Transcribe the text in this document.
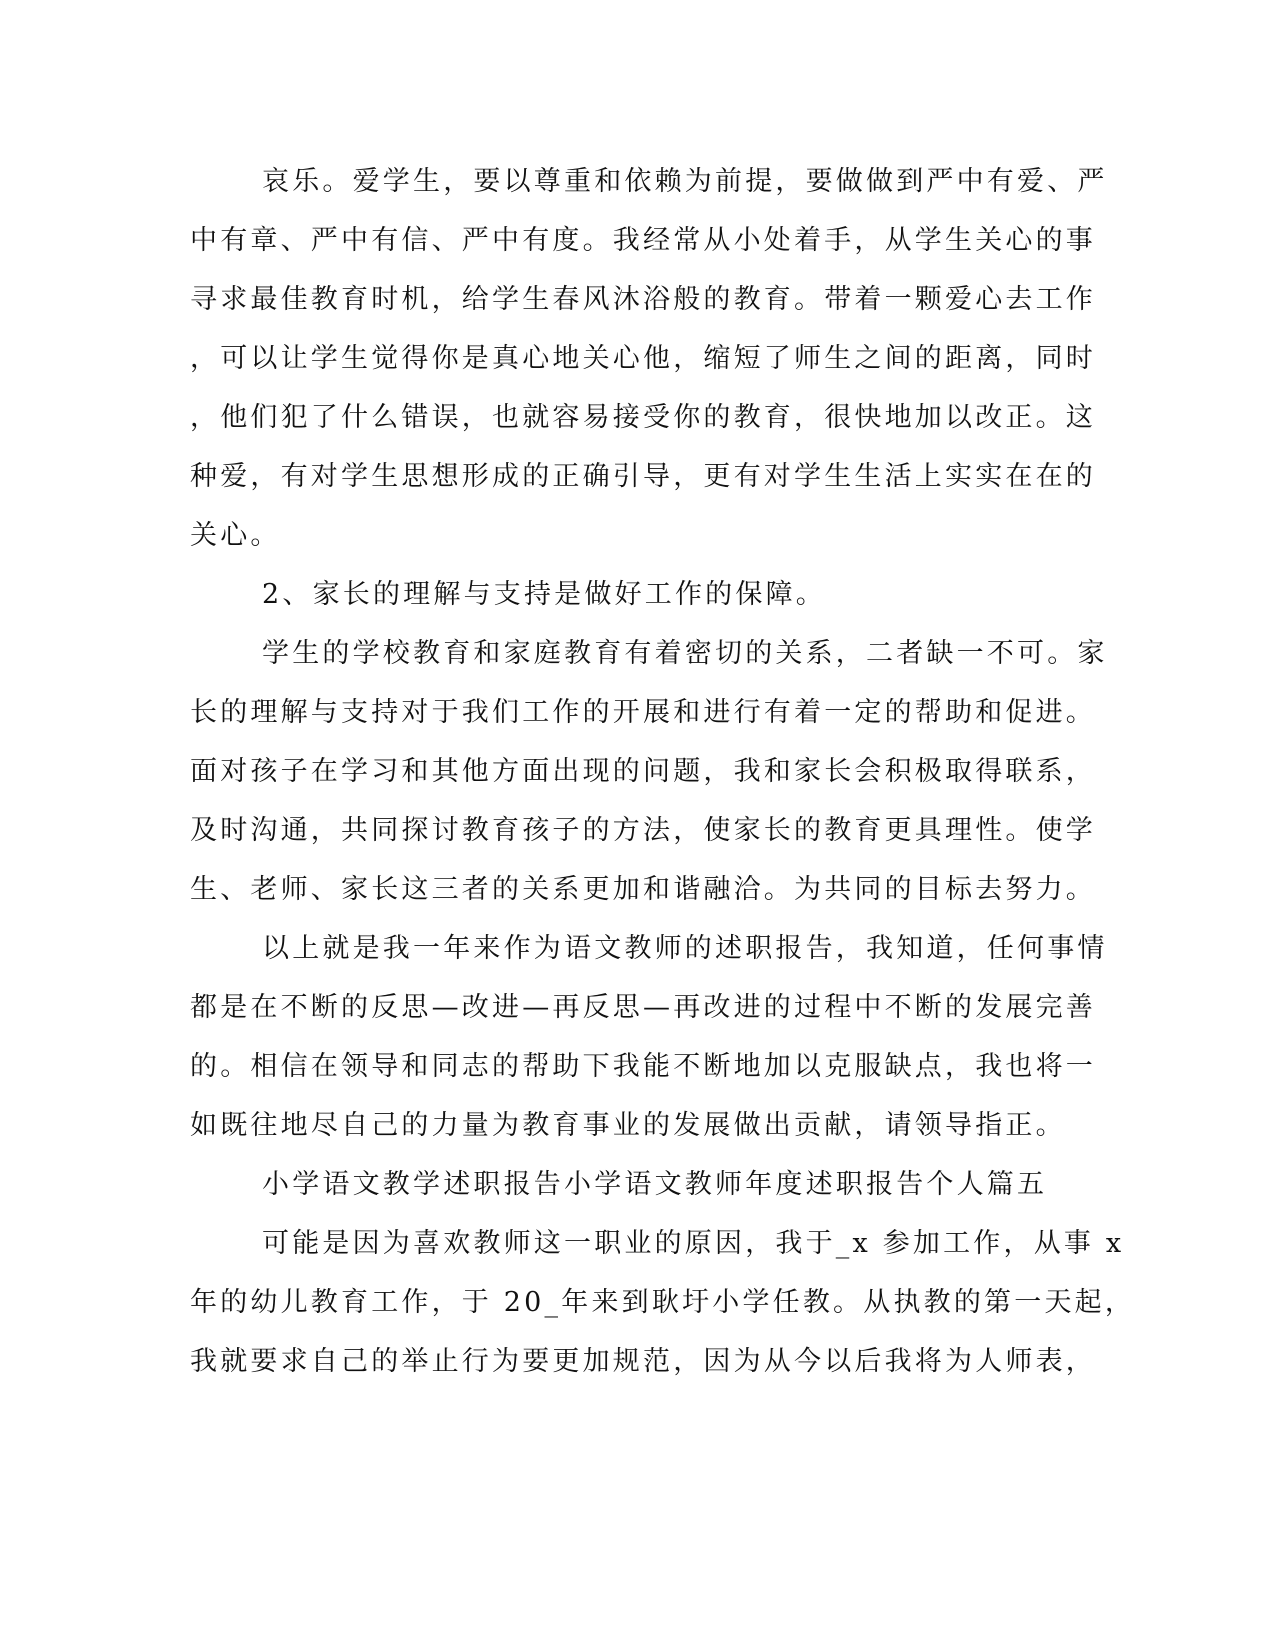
哀乐。爱学生，要以尊重和依赖为前提，要做做到严中有爱、严
中有章、严中有信、严中有度。我经常从小处着手，从学生关心的事
寻求最佳教育时机，给学生春风沐浴般的教育。带着一颗爱心去工作
，可以让学生觉得你是真心地关心他，缩短了师生之间的距离，同时
，他们犯了什么错误，也就容易接受你的教育，很快地加以改正。这
种爱，有对学生思想形成的正确引导，更有对学生生活上实实在在的
关心。
2、家长的理解与支持是做好工作的保障。
学生的学校教育和家庭教育有着密切的关系，二者缺一不可。家
长的理解与支持对于我们工作的开展和进行有着一定的帮助和促进。
面对孩子在学习和其他方面出现的问题，我和家长会积极取得联系，
及时沟通，共同探讨教育孩子的方法，使家长的教育更具理性。使学
生、老师、家长这三者的关系更加和谐融洽。为共同的目标去努力。
以上就是我一年来作为语文教师的述职报告，我知道，任何事情
都是在不断的反思—改进—再反思—再改进的过程中不断的发展完善
的。相信在领导和同志的帮助下我能不断地加以克服缺点，我也将一
如既往地尽自己的力量为教育事业的发展做出贡献，请领导指正。
小学语文教学述职报告小学语文教师年度述职报告个人篇五
可能是因为喜欢教师这一职业的原因，我于_x 参加工作，从事 x
年的幼儿教育工作，于 20_年来到耿圩小学任教。从执教的第一天起，
我就要求自己的举止行为要更加规范，因为从今以后我将为人师表，
